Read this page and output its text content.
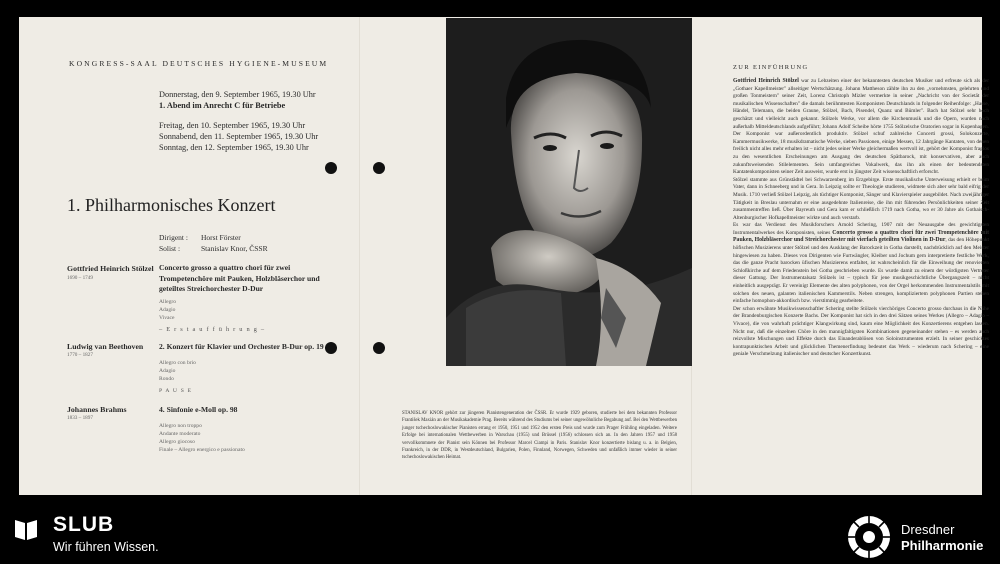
KONGRESS-SAAL DEUTSCHES HYGIENE-MUSEUM
Donnerstag, den 9. September 1965, 19.30 Uhr
1. Abend im Anrecht C für Betriebe
Freitag, den 10. September 1965, 19.30 Uhr
Sonnabend, den 11. September 1965, 19.30 Uhr
Sonntag, den 12. September 1965, 19.30 Uhr
1. Philharmonisches Konzert
Dirigent : Horst Förster
Solist :	Stanislav Knor, ČSSR
Gottfried Heinrich Stölzel
1690 – 1749
Concerto grosso a quattro chori für zwei Trompetenchöre mit Pauken, Holzbläserchor und geteiltes Streichorchester D-Dur
Allegro
Adagio
Vivace
– E r s t a u f f ü h r u n g –
Ludwig van Beethoven
1770 – 1827
2. Konzert für Klavier und Orchester B-Dur op. 19
Allegro con brio
Adagio
Rondo
P A U S E
Johannes Brahms
1833 – 1897
4. Sinfonie e-Moll op. 98
Allegro non troppo
Andante moderato
Allegro giocoso
Finale – Allegro energico e passionato
STANISLAV KNOR gehört zur jüngeren Pianistengeneration der ČSSR. Er wurde 1929 geboren, studierte bei dem bekannten Professor František Maxián an der Musikakademie Prag. Bereits während des Studiums bei seiner ungewöhnliche Begabung auf. Bei den Wettbewerben junger tschechoslowakischer Pianisten errang er 1950, 1951 und 1952 den ersten Preis und wurde zum Prager Frühling eingeladen. Weitere Erfolge bei internationalen Wettbewerben in Warschau (1955) und Brüssel (1956) schlossen sich an. In den Jahren 1957 und 1958 vervollkommnete der Pianist sein Können bei Professor Marcel Ciampi in Paris. Stanislav Knor konzertierte bislang u. a. in Belgien, Frankreich, in der DDR, in Westdeutschland, Bulgarien, Polen, Finnland, Norwegen, Schweden und unfaßlich immer wieder in seiner tschechoslowakischen Heimat.
ZUR EINFÜHRUNG

Gottfried Heinrich Stölzel war zu Lebzeiten einer der bekanntesten deutschen Musiker und erfreute sich als der „Gothaer Kapellmeister" allseitiger Wertschätzung. Johann Mattheson zählte ihn zu den „vornehmsten, gelehrten und großen Tonmeistern" seiner Zeit, Lorenz Christoph Mizler vermerkte in seiner „Nachricht von der Societät der musikalischen Wissenschaften" die damals berühmtesten Komponisten Deutschlands in folgender Reihenfolge: „Hasse, Händel, Telemann, die beiden Graune, Stölzel, Bach, Pisendel, Quanz und Bümler". Bach hat Stölzel sehr hoch geschätzt und vielleicht auch gekannt. Stölzels Werke, vor allem die Kirchenmusik und die Opern, wurden nach außerhalb Mitteldeutschlands aufgeführt; Johann Adolf Scheibe hörte 1755 Stölzelsche Oratorien sogar in Kopenhagen. Der Komponist war außerordentlich produktiv. Stölzel schuf zahlreiche Concerti grossi, Solokonzerte, Kammermusikwerke, 18 musikdramatische Werke, sieben Passionen, einige Messen, 12 Jahrgänge Kantaten, von denen freilich nicht alles mehr erhalten ist – nicht jedes seiner Werke gleichermaßen wertvoll ist, gehört der Komponist fraglos zu den wesentlichen Erscheinungen am Ausgang des deutschen Spätbarock, mit konservativen, aber auch zukunftsweisenden Stilelementen. Sein umfangreiches Vokalwerk, das ihn als einen der bedeutendsten Kantatenkomponisten seiner Zeit ausweist, wurde erst in jüngster Zeit wissenschaftlich erforscht.

Stölzel stammte aus Grünstädtel bei Schwarzenberg im Erzgebirge. Erste musikalische Unterweisung erhielt er beim Vater, dann in Schneeberg und in Gera. In Leipzig sollte er Theologie studieren, widmete sich aber sehr bald eifrig der Musik. 1710 verließ Stölzel Leipzig, als tüchtiger Komponist, Sänger und Klavierspieler ausgebildet. Nach zweijähriger Tätigkeit in Breslau unternahm er eine ausgedehnte Italienreise, die ihn mit führenden Persönlichkeiten seiner Zeit zusammentreffen ließ. Über Bayreuth und Gera kam er schließlich 1719 nach Gotha, wo er 30 Jahre als Gothaisch-Altenburgischer Hofkapellmeister wirkte und auch verstarb.

Es war das Verdienst des Musikforschers Arnold Schering, 1907 mit der Neuausgabe des gewichtigsten Instrumentalwerkes des Komponisten, seines Concerto grosso a quattro chori für zwei Trompetenchöre mit Pauken, Holzbläserchor und Streichorchester mit vierfach geteilten Violinen in D-Dur, das den Höhepunkt höfischen Musizierens unter Stölzel und den Ausklang der Barockzeit in Gotha darstellt, nachdrücklich auf den Meister hingewiesen zu haben. Dieses von Dirigenten wie Furtwängler, Kleiber und Jochum gern interpretierte festliche Werk, das die ganze Pracht barocken üfischen Musizierens entfaltet, ist wahrscheinlich für die Einweihung der renovierten Schloßkirche auf dem Friedenstein bei Gotha geschrieben wurde. Es wurde damit zu einem der würdigsten Vertreter dieser Gattung. Der Instrumentalsatz Stölzels ist – typisch für jene musikgeschichtliche Übergangszeit – nicht einheitlich ausgeprägt. Er vereinigt Elemente des alten polyphonen, von der Orgel herkommenden Instrumentalstils mit solchen des neuen, galanten italienischen Kammerstils. Neben strengen, kompliziertem polyphonen Partien stehen einfache homophon-akkordisch bzw. vierstimmig gearbeitete.

Der schon erwähnte Musikwissenschaftler Schering stellte Stölzels vierchöriges Concerto grosso durchaus in die Nähe der Brandenburgischen Konzerte Bachs. Der Komponist hat sich in den drei Sätzen seines Werkes (Allegro – Adagio – Vivace), die von wahrhaft prächtiger Klangwirkung sind, kaum eine Möglichkeit des Konzertierens entgehen lassen. Nicht nur, daß die einzelnen Chöre in den mannigfaltigsten Kombinationen gegeneinander stehen – es werden auch reizvollste Mischungen und Effekte durch das Einanderablösen von Soloinstrumenten erzielt. In seiner geschicktes kontrapunktischen Arbeit und glücklichen Themenerfindung bedeutet das Werk – wiederum nach Schering – eine geniale Verschmelzung italienischer und deutscher Konzertkunst.

SLUB
Wir führen Wissen.
Dresdner
Philharmonie
